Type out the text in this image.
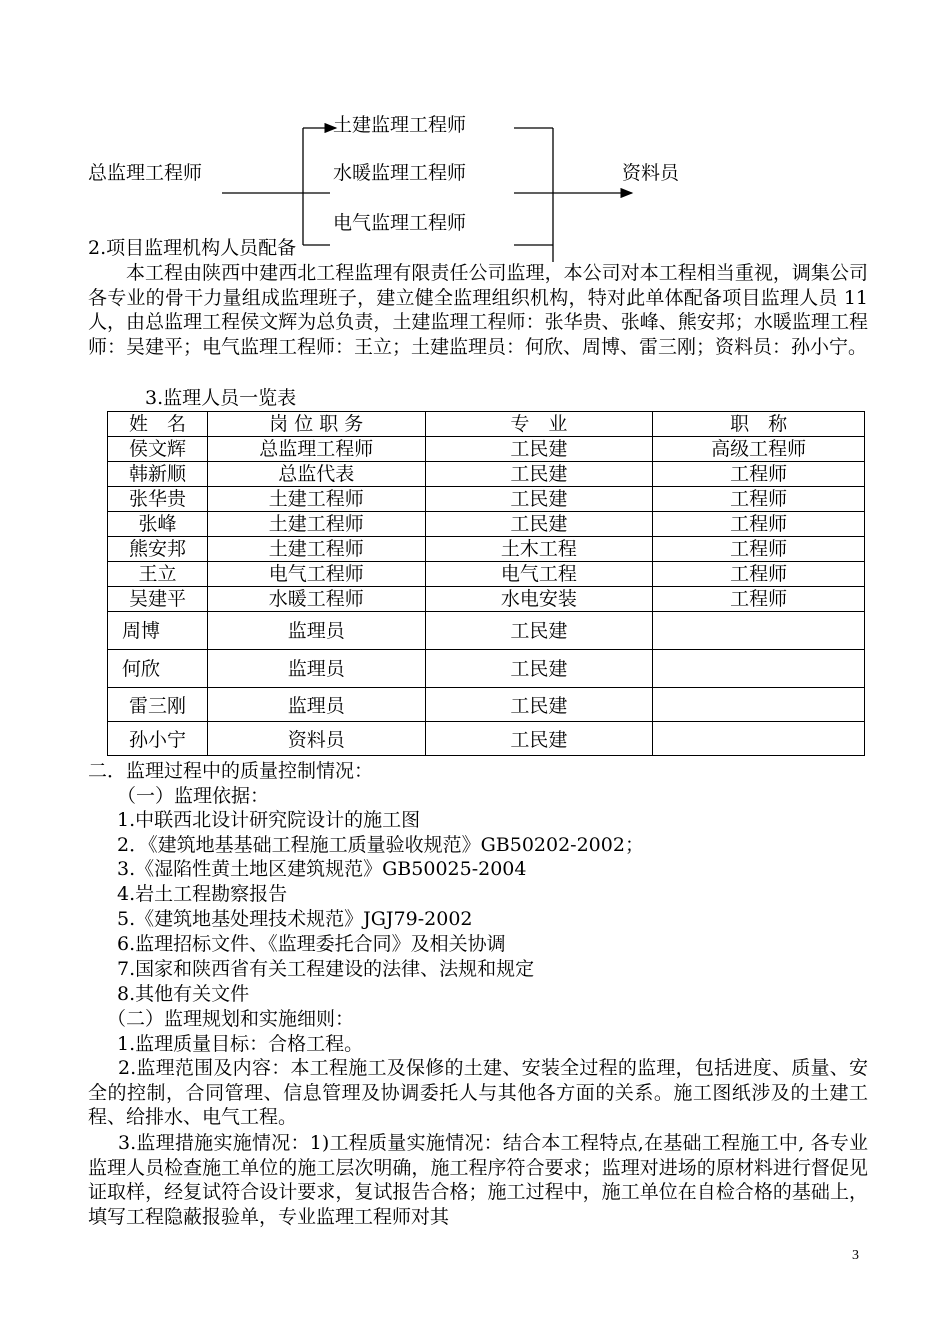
总监理工程师
土建监理工程师
水暖监理工程师
电气监理工程师
资料员
2.项目监理机构人员配备
本工程由陕西中建西北工程监理有限责任公司监理，本公司对本工程相当重视，调集公司各专业的骨干力量组成监理班子，建立健全监理组织机构，特对此单体配备项目监理人员 11 人，由总监理工程侯文辉为总负责，土建监理工程师：张华贵、张峰、熊安邦；水暖监理工程师：吴建平；电气监理工程师：王立；土建监理员：何欣、周博、雷三刚；资料员：孙小宁。
3.监理人员一览表
姓　名	岗 位 职 务	专　业	职　称
侯文辉	总监理工程师	工民建	高级工程师
韩新顺	总监代表	工民建	工程师
张华贵	土建工程师	工民建	工程师
张峰	土建工程师	工民建	工程师
熊安邦	土建工程师	土木工程	工程师
王立	电气工程师	电气工程	工程师
吴建平	水暖工程师	水电安装	工程师
周博	监理员	工民建	
何欣	监理员	工民建	
雷三刚	监理员	工民建	
孙小宁	资料员	工民建	
二．监理过程中的质量控制情况：
（一）监理依据：
1.中联西北设计研究院设计的施工图
2．《建筑地基基础工程施工质量验收规范》GB50202-2002；
3.《湿陷性黄土地区建筑规范》GB50025-2004
4.岩土工程勘察报告
5.《建筑地基处理技术规范》JGJ79-2002
6.监理招标文件、《监理委托合同》及相关协调
7.国家和陕西省有关工程建设的法律、法规和规定
8.其他有关文件
（二）监理规划和实施细则：
1.监理质量目标：合格工程。
2.监理范围及内容：本工程施工及保修的土建、安装全过程的监理，包括进度、质量、安全的控制，合同管理、信息管理及协调委托人与其他各方面的关系。施工图纸涉及的土建工程、给排水、电气工程。
3.监理措施实施情况：1)工程质量实施情况：结合本工程特点,在基础工程施工中, 各专业监理人员检查施工单位的施工层次明确，施工程序符合要求；监理对进场的原材料进行督促见证取样，经复试符合设计要求，复试报告合格；施工过程中，施工单位在自检合格的基础上，填写工程隐蔽报验单，专业监理工程师对其
3
